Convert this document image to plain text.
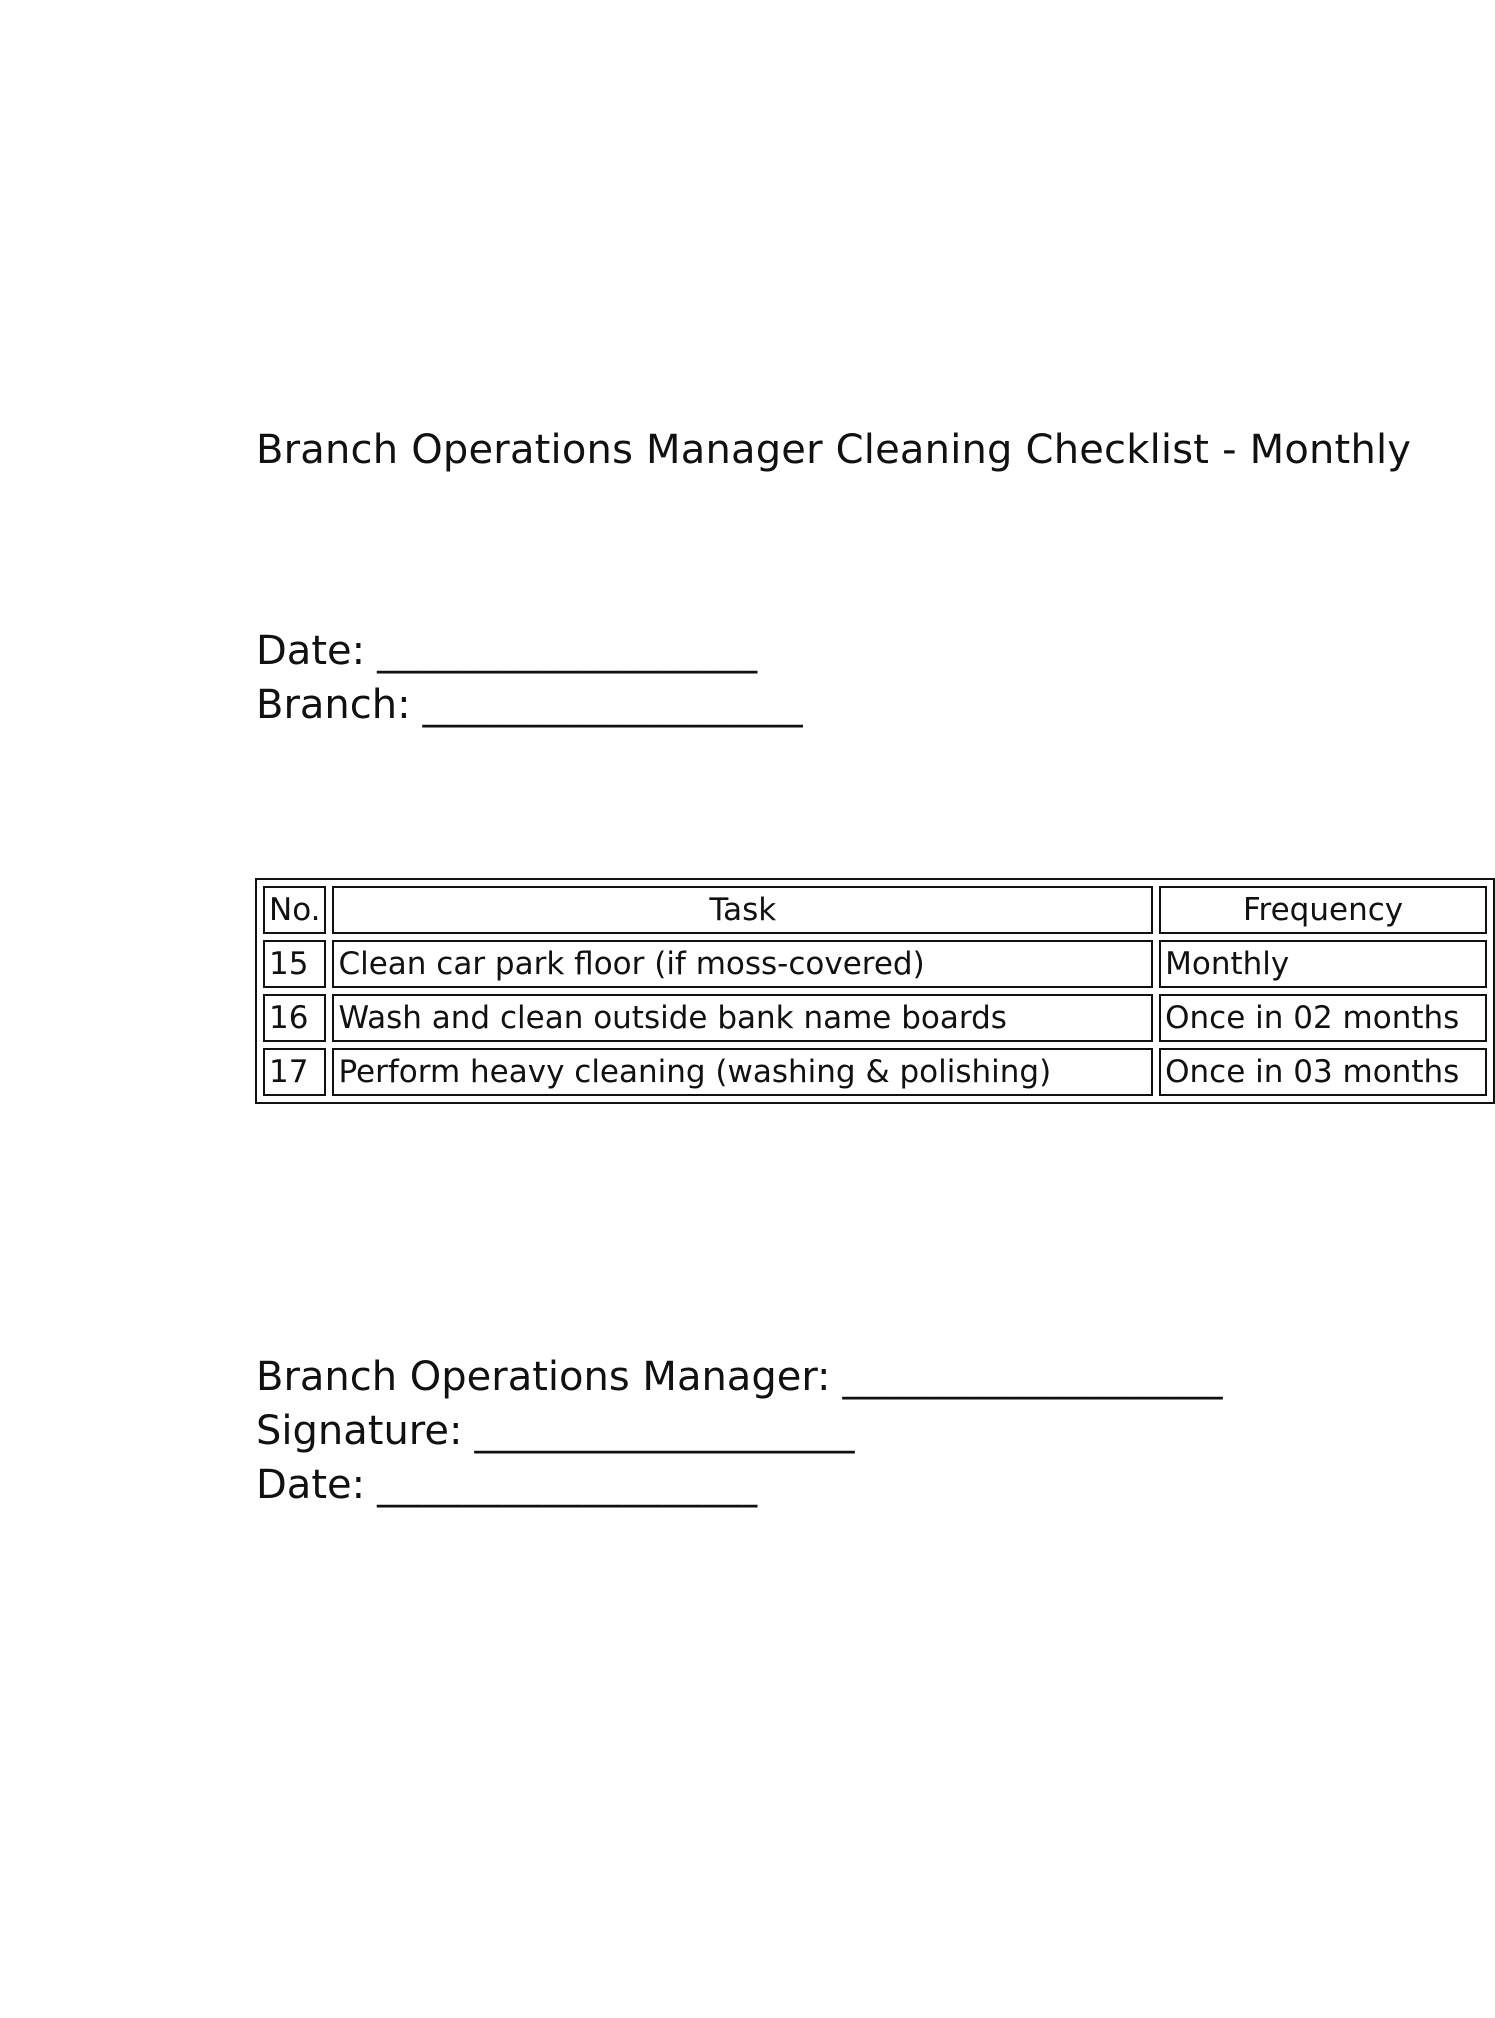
Branch Operations Manager Cleaning Checklist - Monthly
Date: ___________________
Branch: ___________________
No.	Task	Frequency
15	Clean car park floor (if moss-covered)	Monthly
16	Wash and clean outside bank name boards	Once in 02 months
17	Perform heavy cleaning (washing & polishing)	Once in 03 months
Branch Operations Manager: ___________________
Signature: ___________________
Date: ___________________
